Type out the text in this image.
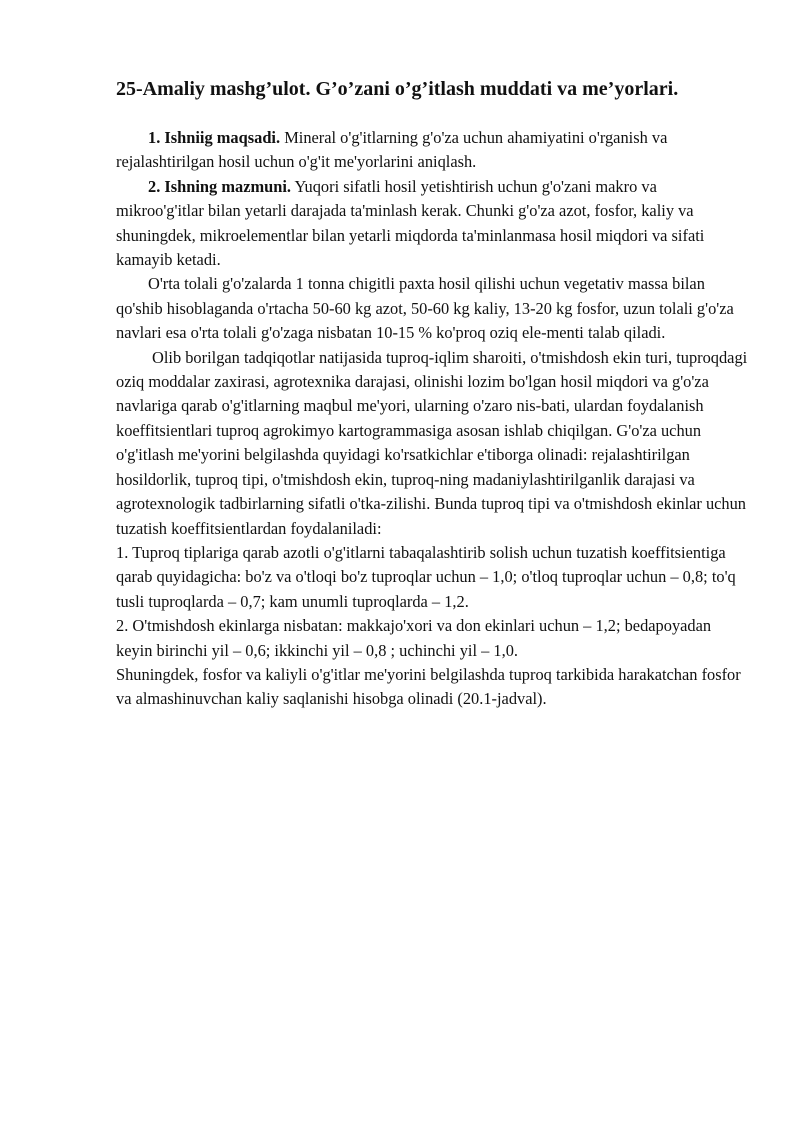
25-Amaliy mashg’ulot. G’o’zani o’g’itlash muddati va me’yorlari.

1. Ishniig maqsadi. Mineral o'g'itlarning g'o'za uchun ahamiyatini o'rganish va rejalashtirilgan hosil uchun o'g'it me'yorlarini aniqlash.

2. Ishning mazmuni. Yuqori sifatli hosil yetishtirish uchun g'o'zani makro va mikroo'g'itlar bilan yetarli darajada ta'minlash kerak. Chunki g'o'za azot, fosfor, kaliy va shuningdek, mikroelementlar bilan yetarli miqdorda ta'minlanmasa hosil miqdori va sifati kamayib ketadi.

O'rta tolali g'o'zalarda 1 tonna chigitli paxta hosil qilishi uchun vegetativ massa bilan qo'shib hisoblaganda o'rtacha 50-60 kg azot, 50-60 kg kaliy, 13-20 kg fosfor, uzun tolali g'o'za navlari esa o'rta tolali g'o'zaga nisbatan 10-15 % ko'proq oziq ele-menti talab qiladi.

Olib borilgan tadqiqotlar natijasida tuproq-iqlim sharoiti, o'tmishdosh ekin turi, tuproqdagi oziq moddalar zaxirasi, agrotexnika darajasi, olinishi lozim bo'lgan hosil miqdori va g'o'za navlariga qarab o'g'itlarning maqbul me'yori, ularning o'zaro nis-bati, ulardan foydalanish koeffitsientlari tuproq agrokimyo kartogrammasiga asosan ishlab chiqilgan. G'o'za uchun o'g'itlash me'yorini belgilashda quyidagi ko'rsatkichlar e'tiborga olinadi: rejalashtirilgan hosildorlik, tuproq tipi, o'tmishdosh ekin, tuproq-ning madaniylashtirilganlik darajasi va agrotexnologik tadbirlarning sifatli o'tka-zilishi. Bunda tuproq tipi va o'tmishdosh ekinlar uchun tuzatish koeffitsientlardan foydalaniladi:

1. Tuproq tiplariga qarab azotli o'g'itlarni tabaqalashtirib solish uchun tuzatish koeffitsientiga qarab quyidagicha: bo'z va o'tloqi bo'z tuproqlar uchun – 1,0; o'tloq tuproqlar uchun – 0,8; to'q tusli tuproqlarda – 0,7; kam unumli tuproqlarda – 1,2.

2. O'tmishdosh ekinlarga nisbatan: makkajo'xori va don ekinlari uchun – 1,2; bedapoyadan keyin birinchi yil – 0,6; ikkinchi yil – 0,8 ; uchinchi yil – 1,0.

Shuningdek, fosfor va kaliyli o'g'itlar me'yorini belgilashda tuproq tarkibida harakatchan fosfor va almashinuvchan kaliy saqlanishi hisobga olinadi (20.1-jadval).
